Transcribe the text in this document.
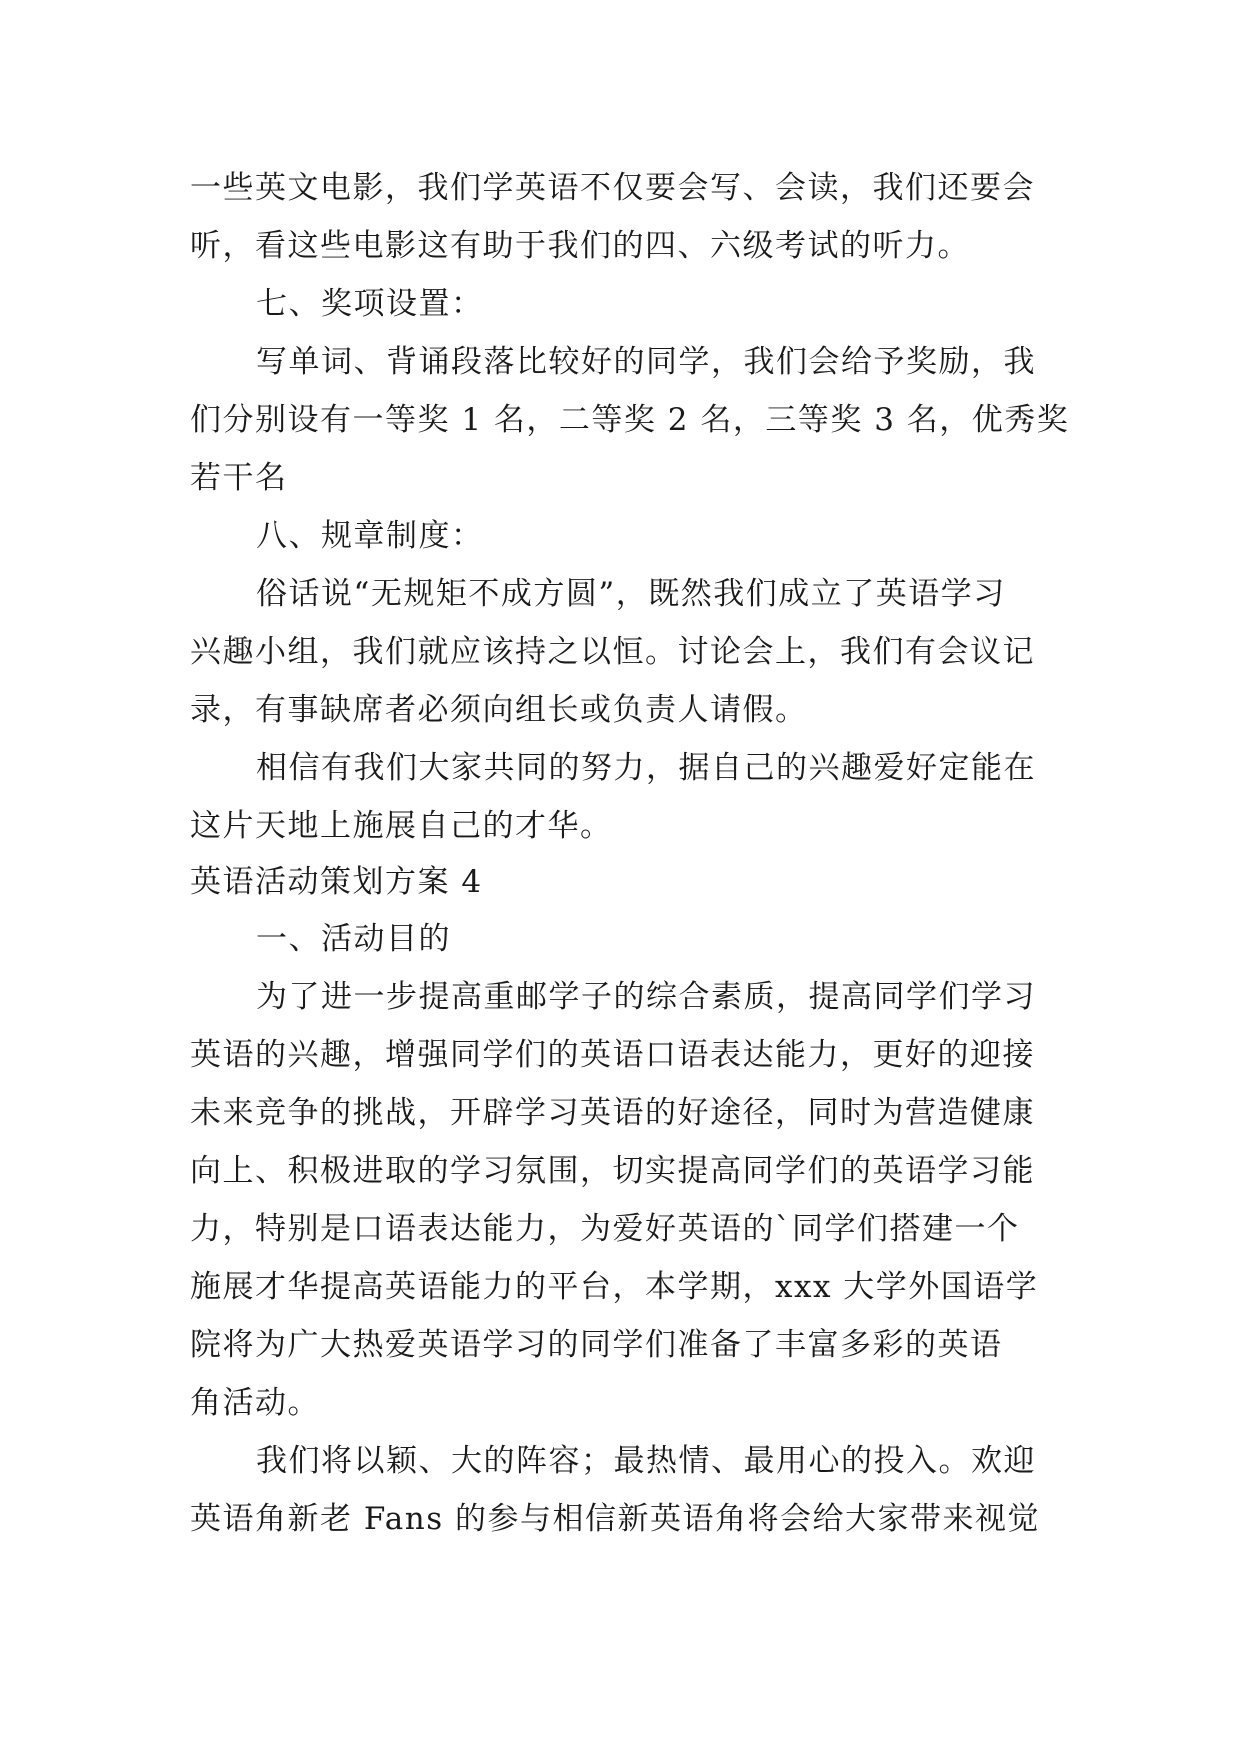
一些英文电影，我们学英语不仅要会写、会读，我们还要会
听，看这些电影这有助于我们的四、六级考试的听力。
七、奖项设置：
写单词、背诵段落比较好的同学，我们会给予奖励，我
们分别设有一等奖 1 名，二等奖 2 名，三等奖 3 名，优秀奖
若干名
八、规章制度：
俗话说“无规矩不成方圆”，既然我们成立了英语学习
兴趣小组，我们就应该持之以恒。讨论会上，我们有会议记
录，有事缺席者必须向组长或负责人请假。
相信有我们大家共同的努力，据自己的兴趣爱好定能在
这片天地上施展自己的才华。
英语活动策划方案 4
一、活动目的
为了进一步提高重邮学子的综合素质，提高同学们学习
英语的兴趣，增强同学们的英语口语表达能力，更好的迎接
未来竞争的挑战，开辟学习英语的好途径，同时为营造健康
向上、积极进取的学习氛围，切实提高同学们的英语学习能
力，特别是口语表达能力，为爱好英语的`同学们搭建一个
施展才华提高英语能力的平台，本学期，xxx 大学外国语学
院将为广大热爱英语学习的同学们准备了丰富多彩的英语
角活动。
我们将以颖、大的阵容；最热情、最用心的投入。欢迎
英语角新老 Fans 的参与相信新英语角将会给大家带来视觉
